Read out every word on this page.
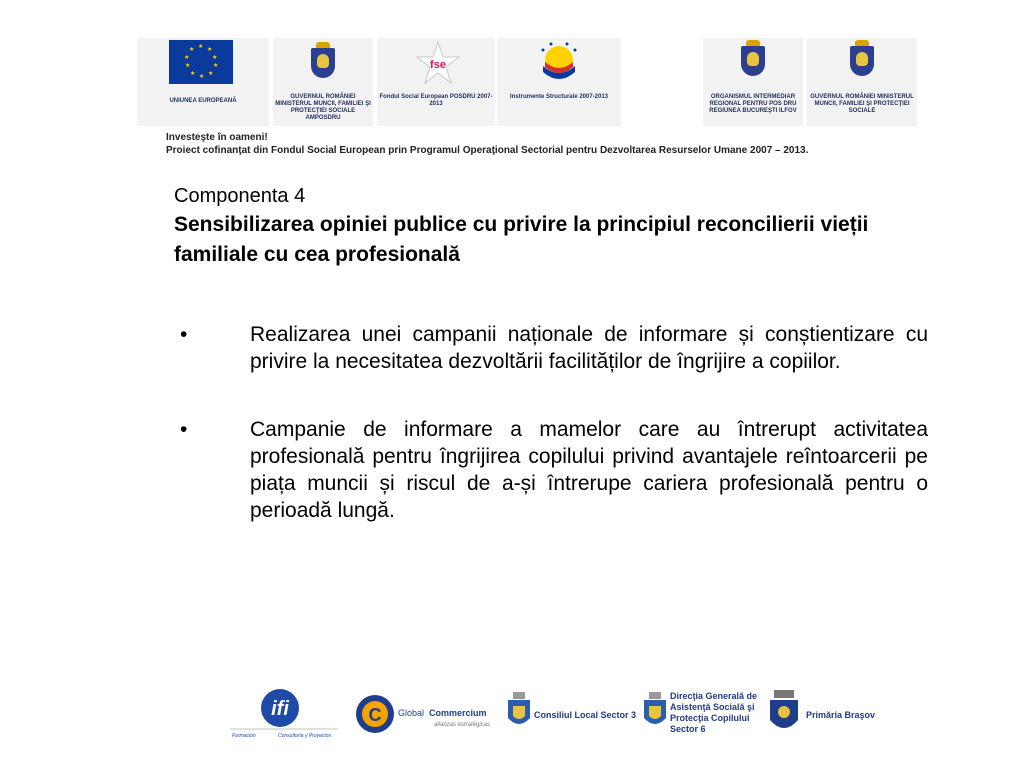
★ ★
★
★
★
★
★
★
★
★
UNIUNEA EUROPEANĂ
GUVERNUL ROMÂNIEI MINISTERUL MUNCII, FAMILIEI ŞI PROTECŢIEI SOCIALE AMPOSDRU
fse
Fondul Social European POSDRU 2007-2013
Instrumente Structurale 2007-2013	ORGANISMUL INTERMEDIAR REGIONAL PENTRU POS DRU REGIUNEA BUCUREŞTI ILFOV
GUVERNUL ROMÂNIEI MINISTERUL MUNCII, FAMILIEI ŞI PROTECŢIEI SOCIALE
Investeşte în oameni!
Proiect cofinanţat din Fondul Social European prin Programul Operaţional Sectorial pentru Dezvoltarea Resurselor Umane 2007 – 2013.

Componenta 4

Sensibilizarea opiniei publice cu privire la principiul reconcilierii vieții familiale cu cea profesională

•	Realizarea unei campanii naționale de informare și conștientizare cu privire la necesitatea dezvoltării facilităților de îngrijire a copiilor.
•	Campanie de informare a mamelor care au întrerupt activitatea profesională pentru îngrijirea copilului privind avantajele reîntoarcerii pe piața muncii și riscul de a-și întrerupe cariera profesională pentru o perioadă lungă.
ifi
Formación	Consultoría y Proyectos
C Global Commercium
alianzas estratégicas
Consiliul Local Sector 3
Direcţia Generală de Asistenţă Socială şi Protecţia Copilului Sector 6
Primăria Braşov
